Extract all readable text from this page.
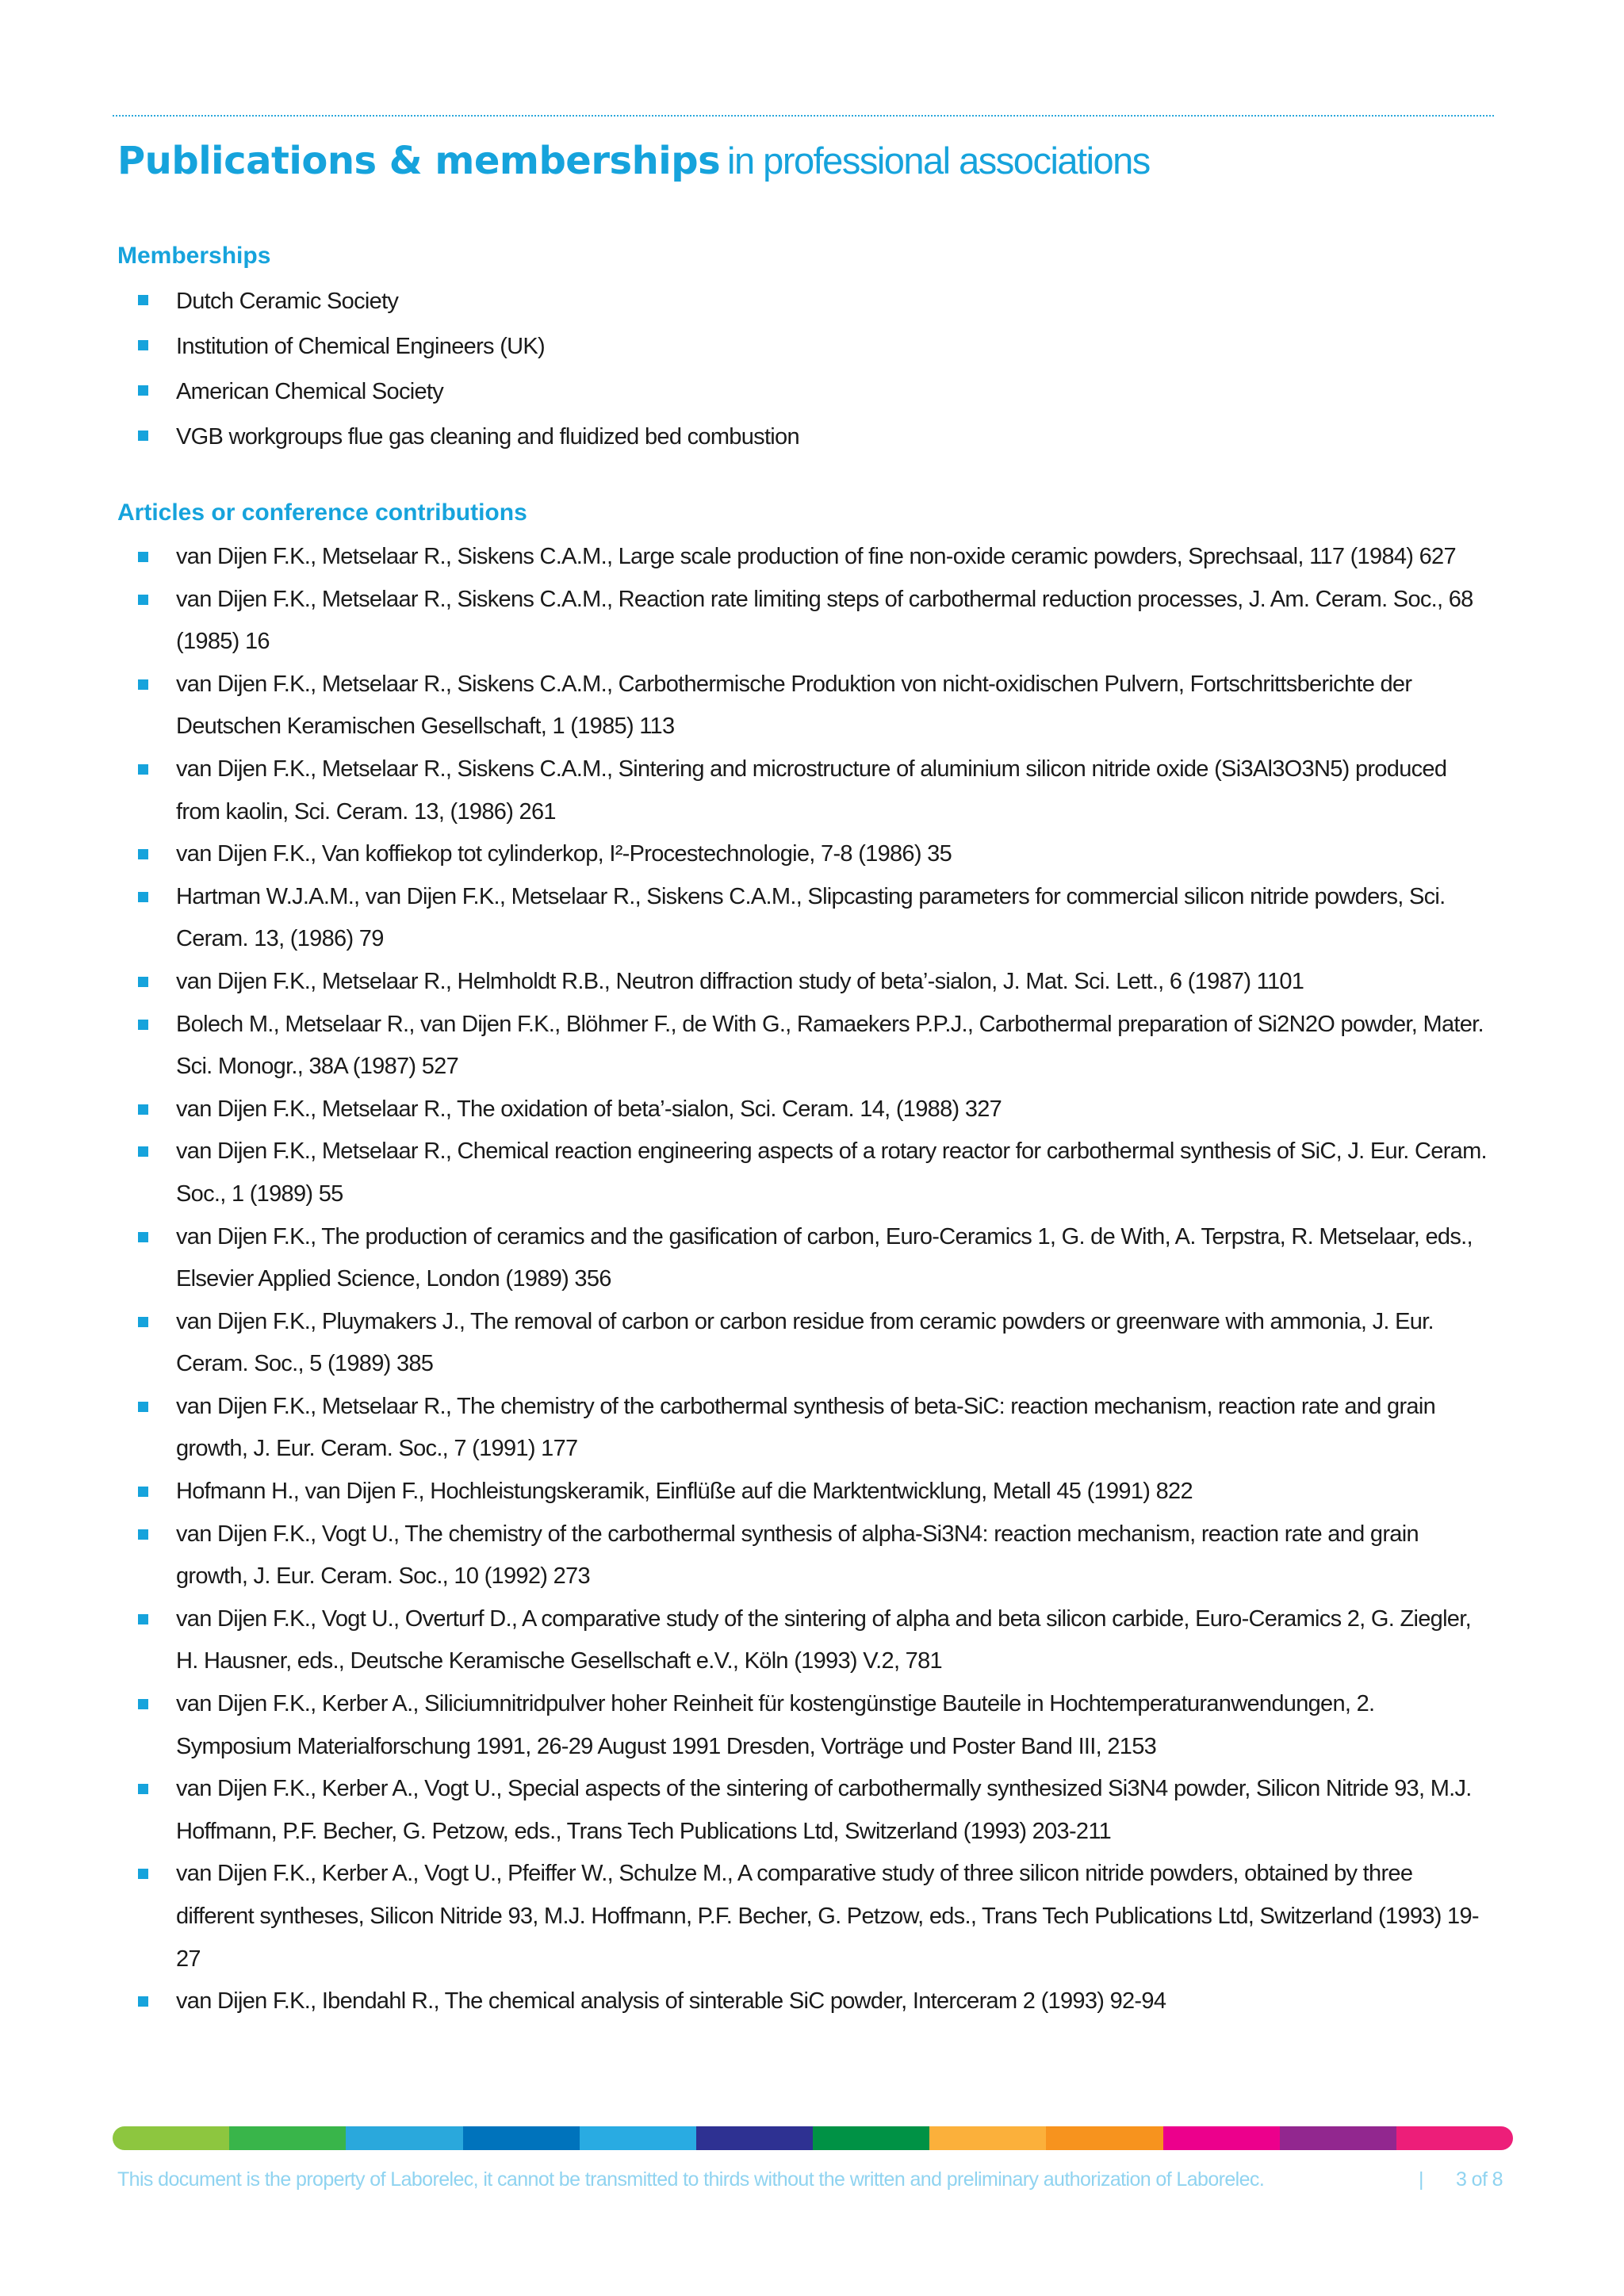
Publications & memberships in professional associations
Memberships
Dutch Ceramic Society
Institution of Chemical Engineers (UK)
American Chemical Society
VGB workgroups flue gas cleaning and fluidized bed combustion
Articles or conference contributions
van Dijen F.K., Metselaar R., Siskens C.A.M., Large scale production of fine non-oxide ceramic powders, Sprechsaal, 117 (1984) 627
van Dijen F.K., Metselaar R., Siskens C.A.M., Reaction rate limiting steps of carbothermal reduction processes, J. Am. Ceram. Soc., 68 (1985) 16
van Dijen F.K., Metselaar R., Siskens C.A.M., Carbothermische Produktion von nicht-oxidischen Pulvern, Fortschrittsberichte der Deutschen Keramischen Gesellschaft, 1 (1985) 113
van Dijen F.K., Metselaar R., Siskens C.A.M., Sintering and microstructure of aluminium silicon nitride oxide (Si3Al3O3N5) produced from kaolin, Sci. Ceram. 13, (1986) 261
van Dijen F.K., Van koffiekop tot cylinderkop, I²-Procestechnologie, 7-8 (1986) 35
Hartman W.J.A.M., van Dijen F.K., Metselaar R., Siskens C.A.M., Slipcasting parameters for commercial silicon nitride powders, Sci. Ceram. 13, (1986) 79
van Dijen F.K., Metselaar R., Helmholdt R.B., Neutron diffraction study of beta’-sialon, J. Mat. Sci. Lett., 6 (1987) 1101
Bolech M., Metselaar R., van Dijen F.K., Blöhmer F., de With G., Ramaekers P.P.J., Carbothermal preparation of Si2N2O powder, Mater. Sci. Monogr., 38A (1987) 527
van Dijen F.K., Metselaar R., The oxidation of beta’-sialon, Sci. Ceram. 14, (1988) 327
van Dijen F.K., Metselaar R., Chemical reaction engineering aspects of a rotary reactor for carbothermal synthesis of SiC, J. Eur. Ceram. Soc., 1 (1989) 55
van Dijen F.K., The production of ceramics and the gasification of carbon, Euro-Ceramics 1, G. de With, A. Terpstra, R. Metselaar, eds., Elsevier Applied Science, London (1989) 356
van Dijen F.K., Pluymakers J., The removal of carbon or carbon residue from ceramic powders or greenware with ammonia, J. Eur. Ceram. Soc., 5 (1989) 385
van Dijen F.K., Metselaar R., The chemistry of the carbothermal synthesis of beta-SiC: reaction mechanism, reaction rate and grain growth, J. Eur. Ceram. Soc., 7 (1991) 177
Hofmann H., van Dijen F., Hochleistungskeramik, Einflüße auf die Marktentwicklung, Metall 45 (1991) 822
van Dijen F.K., Vogt U., The chemistry of the carbothermal synthesis of alpha-Si3N4: reaction mechanism, reaction rate and grain growth, J. Eur. Ceram. Soc., 10 (1992) 273
van Dijen F.K., Vogt U., Overturf D., A comparative study of the sintering of alpha and beta silicon carbide, Euro-Ceramics 2, G. Ziegler, H. Hausner, eds., Deutsche Keramische Gesellschaft e.V., Köln (1993) V.2, 781
van Dijen F.K., Kerber A., Siliciumnitridpulver hoher Reinheit für kostengünstige Bauteile in Hochtemperaturanwendungen, 2. Symposium Materialforschung 1991, 26-29 August 1991 Dresden, Vorträge und Poster Band III, 2153
van Dijen F.K., Kerber A., Vogt U., Special aspects of the sintering of carbothermally synthesized Si3N4 powder, Silicon Nitride 93, M.J. Hoffmann, P.F. Becher, G. Petzow, eds., Trans Tech Publications Ltd, Switzerland (1993) 203-211
van Dijen F.K., Kerber A., Vogt U., Pfeiffer W., Schulze M., A comparative study of three silicon nitride powders, obtained by three different syntheses, Silicon Nitride 93, M.J. Hoffmann, P.F. Becher, G. Petzow, eds., Trans Tech Publications Ltd, Switzerland (1993) 19-27
van Dijen F.K., Ibendahl R., The chemical analysis of sinterable SiC powder, Interceram 2 (1993) 92-94
This document is the property of Laborelec, it cannot be transmitted to thirds without the written and preliminary authorization of Laborelec.	| 3 of 8
